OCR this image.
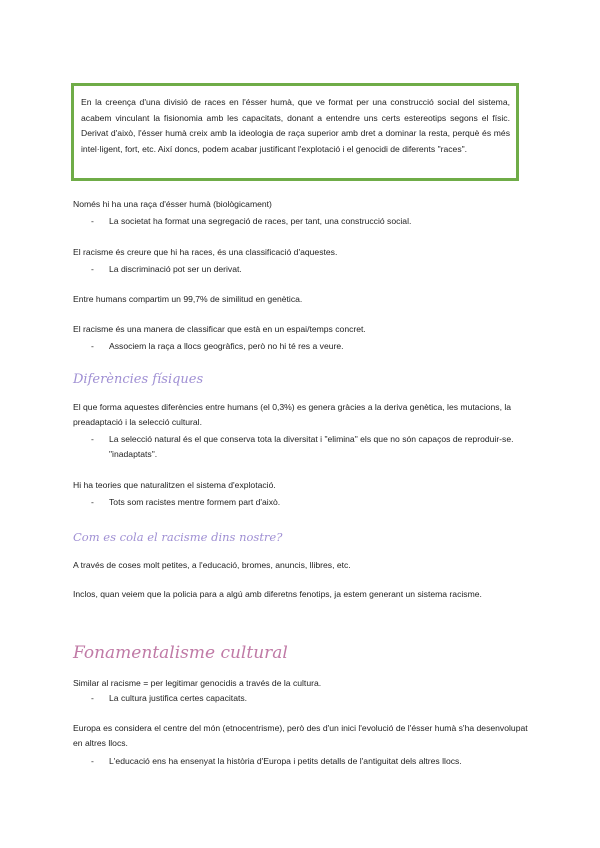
En la creença d'una divisió de races en l'ésser humà, que ve format per una construcció social del sistema, acabem vinculant la fisionomia amb les capacitats, donant a entendre uns certs estereotips segons el físic. Derivat d'això, l'ésser humà creix amb la ideologia de raça superior amb dret a dominar la resta, perquè és més intel·ligent, fort, etc. Així doncs, podem acabar justificant l'explotació i el genocidi de diferents "races".

Només hi ha una raça d'ésser humà (biològicament)
- La societat ha format una segregació de races, per tant, una construcció social.
El racisme és creure que hi ha races, és una classificació d'aquestes.
- La discriminació pot ser un derivat.
Entre humans compartim un 99,7% de similitud en genètica.
El racisme és una manera de classificar que està en un espai/temps concret.
- Associem la raça a llocs geogràfics, però no hi té res a veure.
Diferències físiques
El que forma aquestes diferències entre humans (el 0,3%) es genera gràcies a la deriva genètica, les mutacions, la preadaptació i la selecció cultural.
- La selecció natural és el que conserva tota la diversitat i "elimina" els que no són capaços de reproduir-se. "inadaptats".
Hi ha teories que naturalitzen el sistema d'explotació.
- Tots som racistes mentre formem part d'això.
Com es cola el racisme dins nostre?
A través de coses molt petites, a l'educació, bromes, anuncis, llibres, etc.
Inclos, quan veiem que la policia para a algú amb diferetns fenotips, ja estem generant un sistema racisme.
Fonamentalisme cultural
Similar al racisme = per legitimar genocidis a través de la cultura.
- La cultura justifica certes capacitats.
Europa es considera el centre del món (etnocentrisme), però des d'un inici l'evolució de l'ésser humà s'ha desenvolupat en altres llocs.
- L'educació ens ha ensenyat la història d'Europa i petits detalls de l'antiguitat dels altres llocs.
